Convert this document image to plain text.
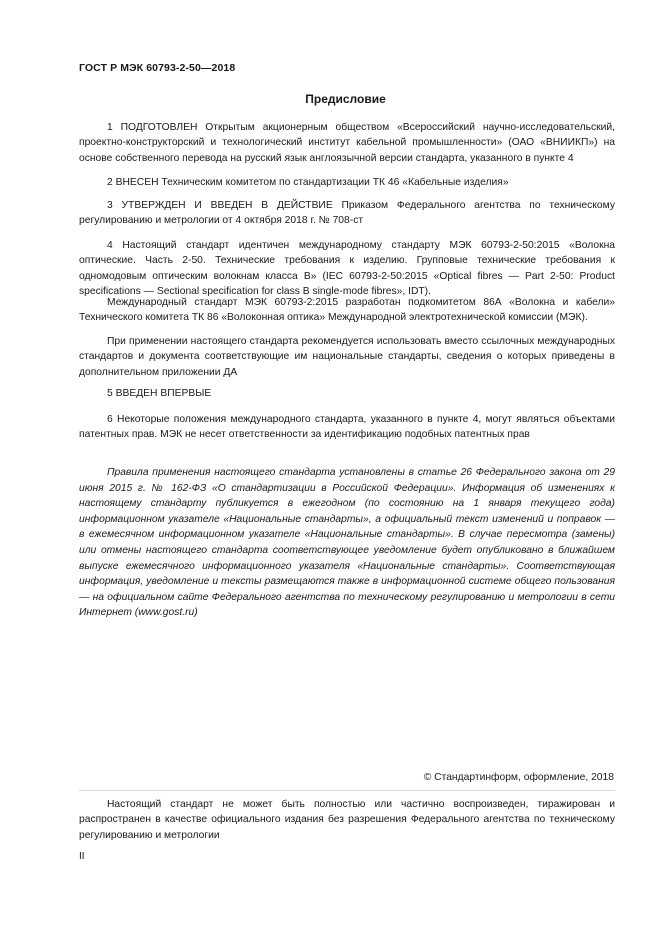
ГОСТ Р МЭК 60793-2-50—2018
Предисловие

1 ПОДГОТОВЛЕН Открытым акционерным обществом «Всероссийский научно-исследовательский, проектно-конструкторский и технологический институт кабельной промышленности» (ОАО «ВНИИКП») на основе собственного перевода на русский язык англоязычной версии стандарта, указанного в пункте 4

2 ВНЕСЕН Техническим комитетом по стандартизации ТК 46 «Кабельные изделия»

3 УТВЕРЖДЕН И ВВЕДЕН В ДЕЙСТВИЕ Приказом Федерального агентства по техническому регулированию и метрологии от 4 октября 2018 г. № 708-ст

4 Настоящий стандарт идентичен международному стандарту МЭК 60793-2-50:2015 «Волокна оптические. Часть 2-50. Технические требования к изделию. Групповые технические требования к одномодовым оптическим волокнам класса В» (IEC 60793-2-50:2015 «Optical fibres — Part 2-50: Product specifications — Sectional specification for class B single-mode fibres», IDT).

Международный стандарт МЭК 60793-2:2015 разработан подкомитетом 86А «Волокна и кабели» Технического комитета ТК 86 «Волоконная оптика» Международной электротехнической комиссии (МЭК).

При применении настоящего стандарта рекомендуется использовать вместо ссылочных международных стандартов и документа соответствующие им национальные стандарты, сведения о которых приведены в дополнительном приложении ДА

5 ВВЕДЕН ВПЕРВЫЕ

6 Некоторые положения международного стандарта, указанного в пункте 4, могут являться объектами патентных прав. МЭК не несет ответственности за идентификацию подобных патентных прав

Правила применения настоящего стандарта установлены в статье 26 Федерального закона от 29 июня 2015 г. № 162-ФЗ «О стандартизации в Российской Федерации». Информация об изменениях к настоящему стандарту публикуется в ежегодном (по состоянию на 1 января текущего года) информационном указателе «Национальные стандарты», а официальный текст изменений и поправок — в ежемесячном информационном указателе «Национальные стандарты». В случае пересмотра (замены) или отмены настоящего стандарта соответствующее уведомление будет опубликовано в ближайшем выпуске ежемесячного информационного указателя «Национальные стандарты». Соответствующая информация, уведомление и тексты размещаются также в информационной системе общего пользования — на официальном сайте Федерального агентства по техническому регулированию и метрологии в сети Интернет (www.gost.ru)

© Стандартинформ, оформление, 2018

Настоящий стандарт не может быть полностью или частично воспроизведен, тиражирован и распространен в качестве официального издания без разрешения Федерального агентства по техническому регулированию и метрологии

II
